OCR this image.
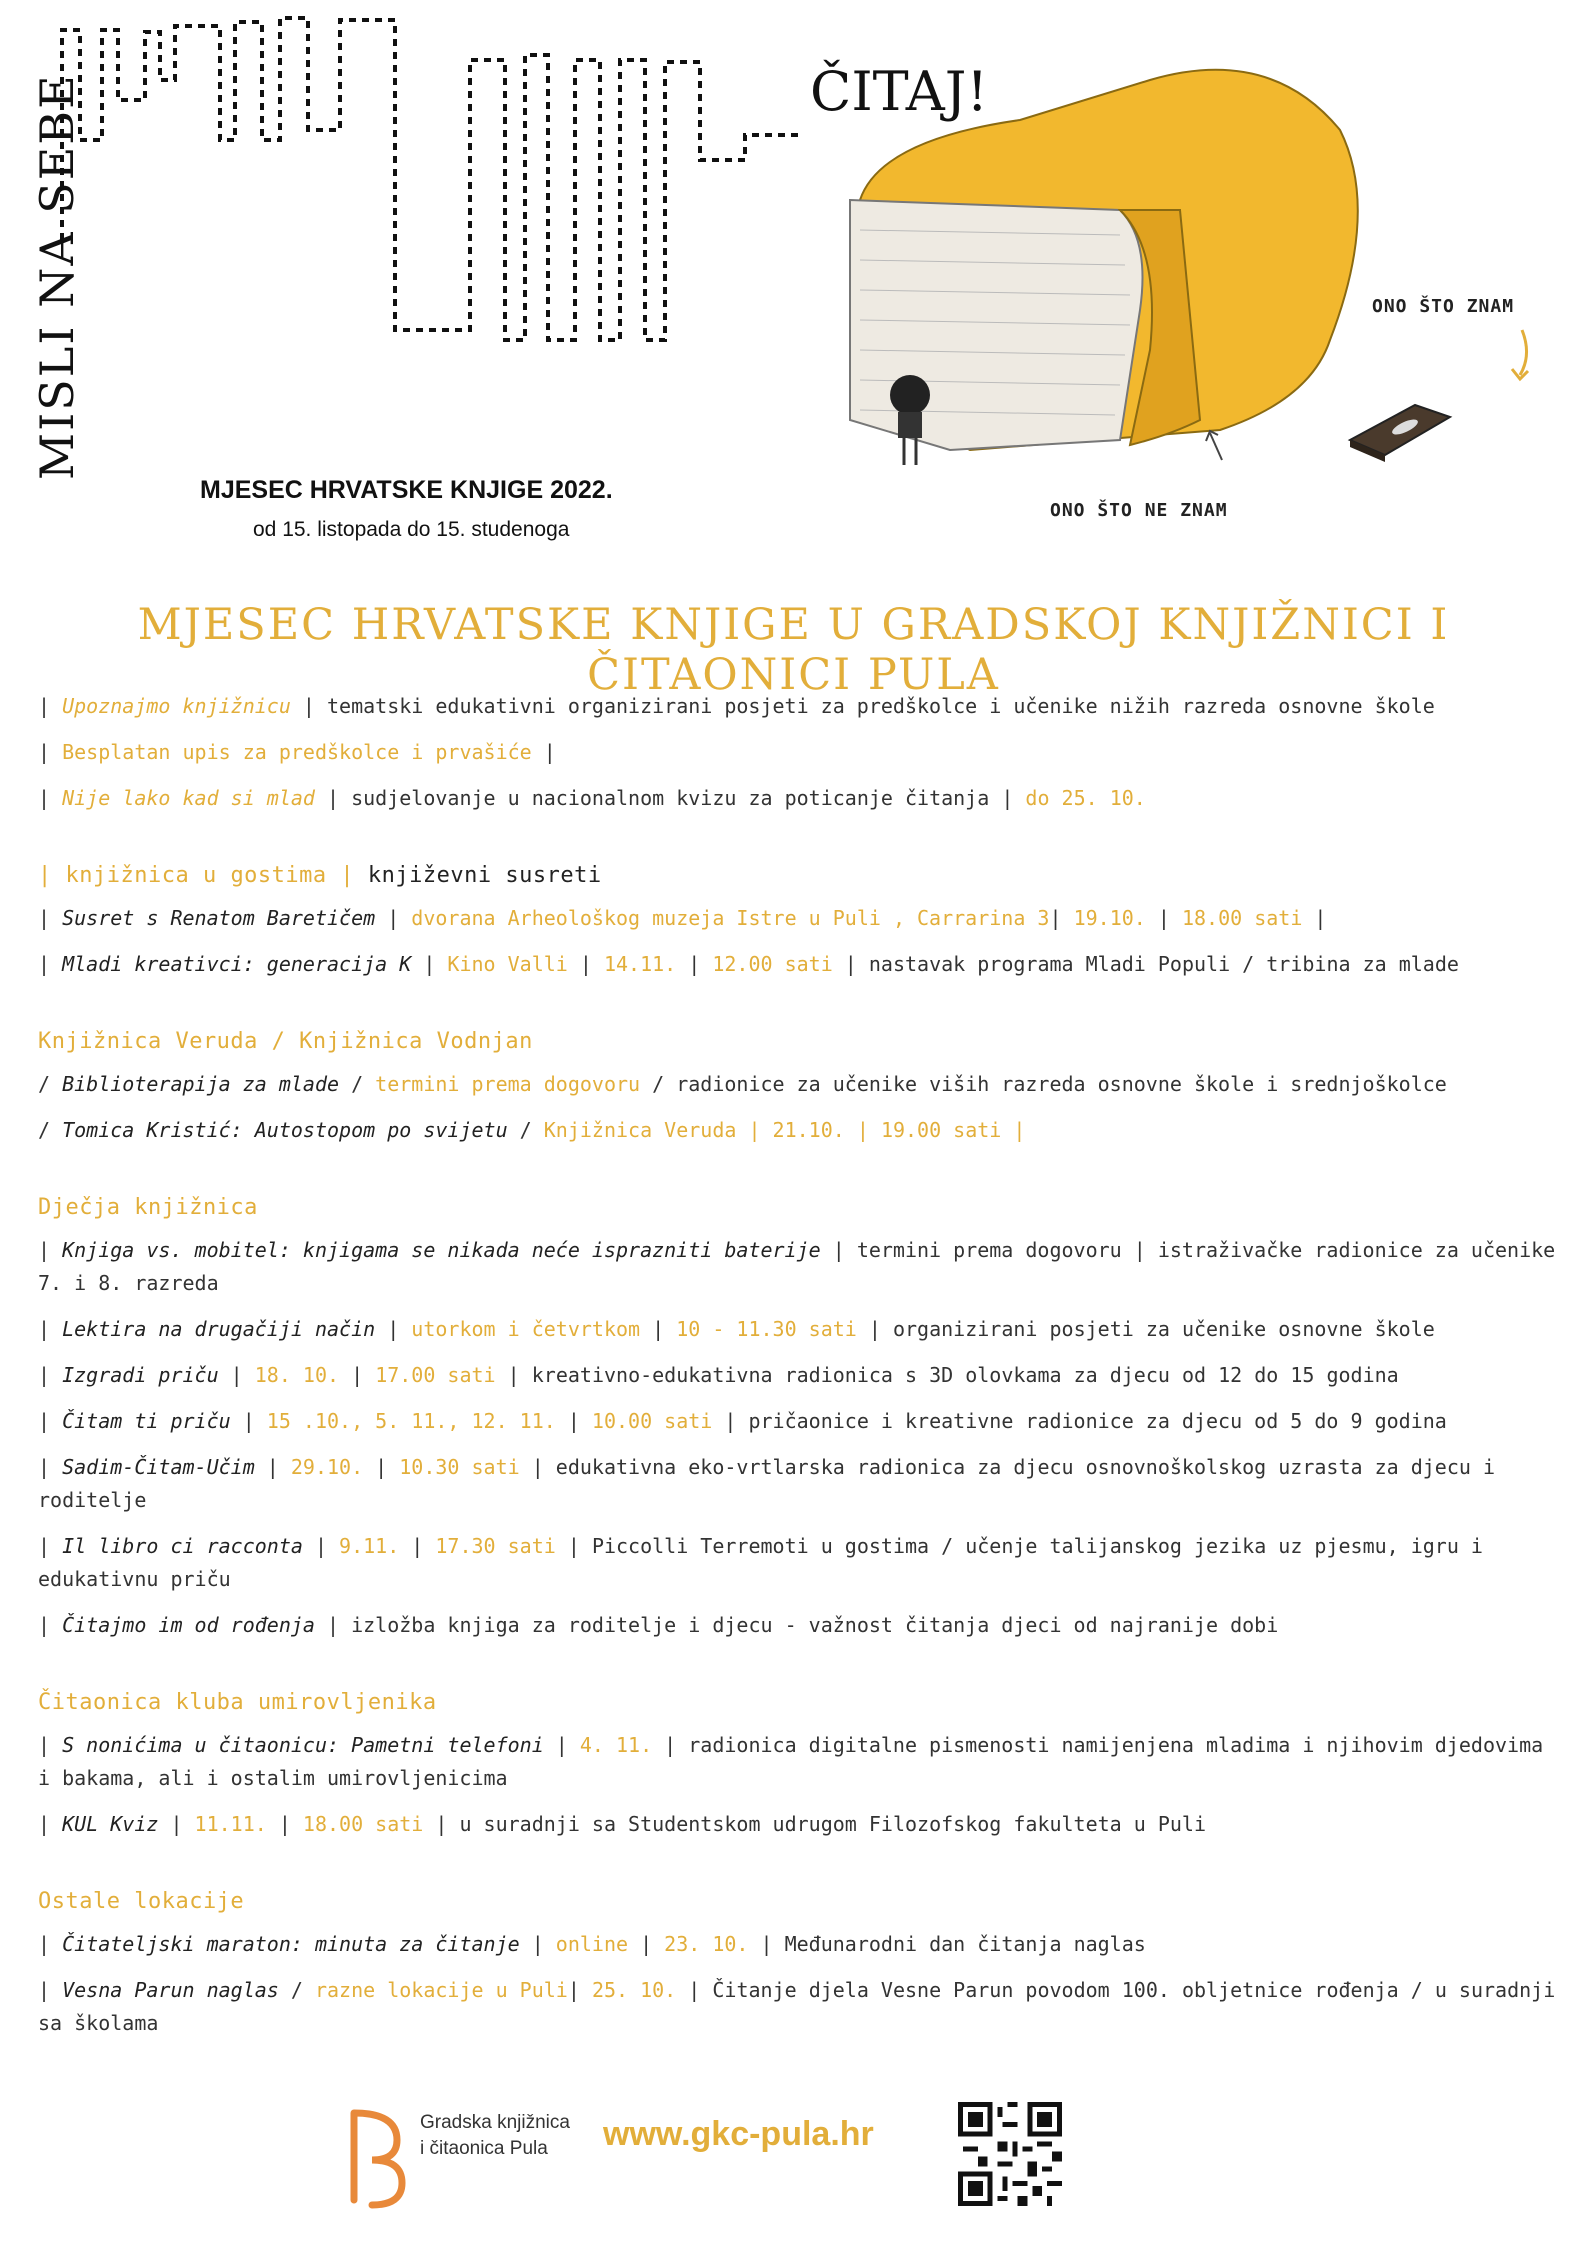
MISLI NA SEBE	ČITAJ!
ONO ŠTO ZNAM
ONO ŠTO NE ZNAM
MJESEC HRVATSKE KNJIGE 2022.
od 15. listopada do 15. studenoga
MJESEC HRVATSKE KNJIGE U GRADSKOJ KNJIŽNICI I ČITAONICI PULA
| Upoznajmo knjižnicu | tematski edukativni organizirani posjeti za predškolce i učenike nižih razreda osnovne škole
| Besplatan upis za predškolce i prvašiće |
| Nije lako kad si mlad | sudjelovanje u nacionalnom kvizu za poticanje čitanja | do 25. 10.
| knjižnica u gostima | književni susreti
| Susret s Renatom Baretičem | dvorana Arheološkog muzeja Istre u Puli , Carrarina 3| 19.10. | 18.00 sati |
| Mladi kreativci: generacija K | Kino Valli | 14.11. | 12.00 sati | nastavak programa Mladi Populi / tribina za mlade
Knjižnica Veruda / Knjižnica Vodnjan
/ Biblioterapija za mlade / termini prema dogovoru / radionice za učenike viših razreda osnovne škole i srednjoškolce
/ Tomica Kristić: Autostopom po svijetu / Knjižnica Veruda | 21.10. | 19.00 sati |
Dječja knjižnica
| Knjiga vs. mobitel: knjigama se nikada neće isprazniti baterije | termini prema dogovoru | istraživačke radionice za učenike 7. i 8. razreda
| Lektira na drugačiji način | utorkom i četvrtkom | 10 - 11.30 sati | organizirani posjeti za učenike osnovne škole
| Izgradi priču | 18. 10. | 17.00 sati | kreativno-edukativna radionica s 3D olovkama za djecu od 12 do 15 godina
| Čitam ti priču | 15 .10., 5. 11., 12. 11. | 10.00 sati | pričaonice i kreativne radionice za djecu od 5 do 9 godina
| Sadim-Čitam-Učim | 29.10. | 10.30 sati | edukativna eko-vrtlarska radionica za djecu osnovnoškolskog uzrasta za djecu i roditelje
| Il libro ci racconta | 9.11. | 17.30 sati | Piccolli Terremoti u gostima / učenje talijanskog jezika uz pjesmu, igru i edukativnu priču
| Čitajmo im od rođenja | izložba knjiga za roditelje i djecu - važnost čitanja djeci od najranije dobi
Čitaonica kluba umirovljenika
| S nonićima u čitaonicu: Pametni telefoni | 4. 11. | radionica digitalne pismenosti namijenjena mladima i njihovim djedovima i bakama, ali i ostalim umirovljenicima
| KUL Kviz | 11.11. | 18.00 sati | u suradnji sa Studentskom udrugom Filozofskog fakulteta u Puli
Ostale lokacije
| Čitateljski maraton: minuta za čitanje | online | 23. 10. | Međunarodni dan čitanja naglas
| Vesna Parun naglas / razne lokacije u Puli| 25. 10. | Čitanje djela Vesne Parun povodom 100. obljetnice rođenja / u suradnji sa školama
Gradska knjižnica
i čitaonica Pula	www.gkc-pula.hr
